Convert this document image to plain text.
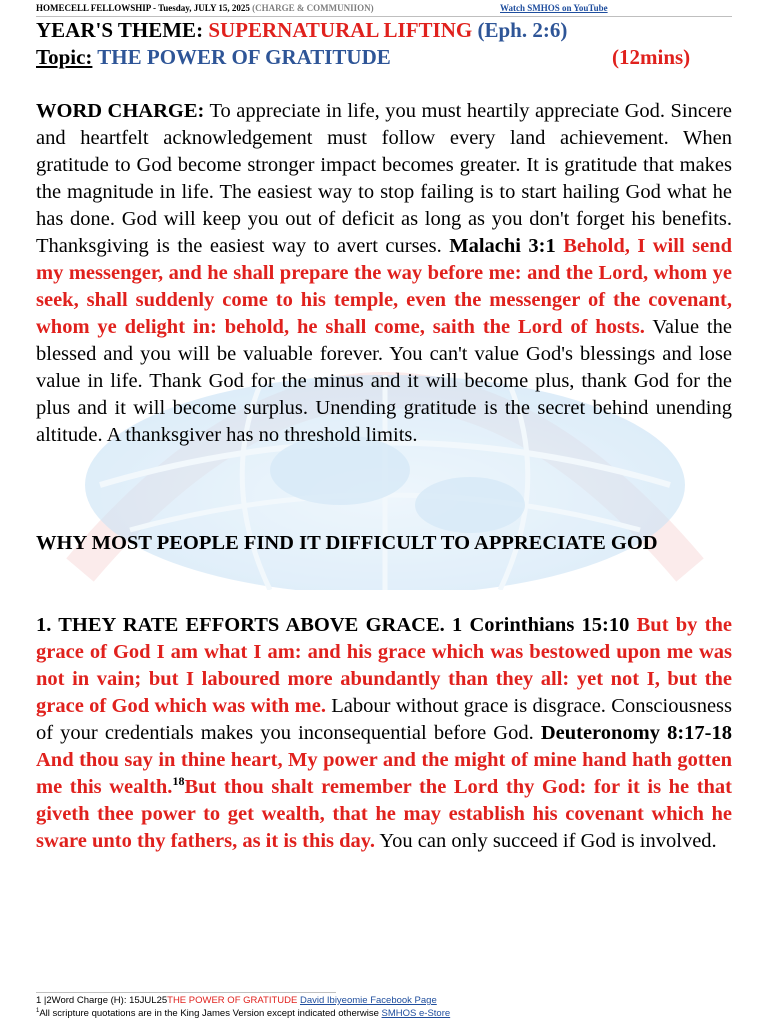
HOMECELL FELLOWSHIP - Tuesday, JULY 15, 2025 (CHARGE & COMMUNIION)	Watch SMHOS on YouTube
YEAR'S THEME: SUPERNATURAL LIFTING (Eph. 2:6)
Topic: THE POWER OF GRATITUDE	(12mins)

WORD CHARGE: To appreciate in life, you must heartily appreciate God. Sincere and heartfelt acknowledgement must follow every land achievement. When gratitude to God become stronger impact becomes greater. It is gratitude that makes the magnitude in life. The easiest way to stop failing is to start hailing God what he has done. God will keep you out of deficit as long as you don't forget his benefits. Thanksgiving is the easiest way to avert curses. Malachi 3:1 Behold, I will send my messenger, and he shall prepare the way before me: and the Lord, whom ye seek, shall suddenly come to his temple, even the messenger of the covenant, whom ye delight in: behold, he shall come, saith the Lord of hosts. Value the blessed and you will be valuable forever. You can't value God's blessings and lose value in life. Thank God for the minus and it will become plus, thank God for the plus and it will become surplus. Unending gratitude is the secret behind unending altitude. A thanksgiver has no threshold limits.

WHY MOST PEOPLE FIND IT DIFFICULT TO APPRECIATE GOD

1. THEY RATE EFFORTS ABOVE GRACE. 1 Corinthians 15:10 But by the grace of God I am what I am: and his grace which was bestowed upon me was not in vain; but I laboured more abundantly than they all: yet not I, but the grace of God which was with me. Labour without grace is disgrace. Consciousness of your credentials makes you inconsequential before God. Deuteronomy 8:17-18 And thou say in thine heart, My power and the might of mine hand hath gotten me this wealth.$^{18}$But thou shalt remember the Lord thy God: for it is he that giveth thee power to get wealth, that he may establish his covenant which he sware unto thy fathers, as it is this day. You can only succeed if God is involved.

1 |2Word Charge (H): 15JUL25THE POWER OF GRATITUDE David Ibiyeomie Facebook Page
$^1$All scripture quotations are in the King James Version except indicated otherwise SMHOS e-Store
